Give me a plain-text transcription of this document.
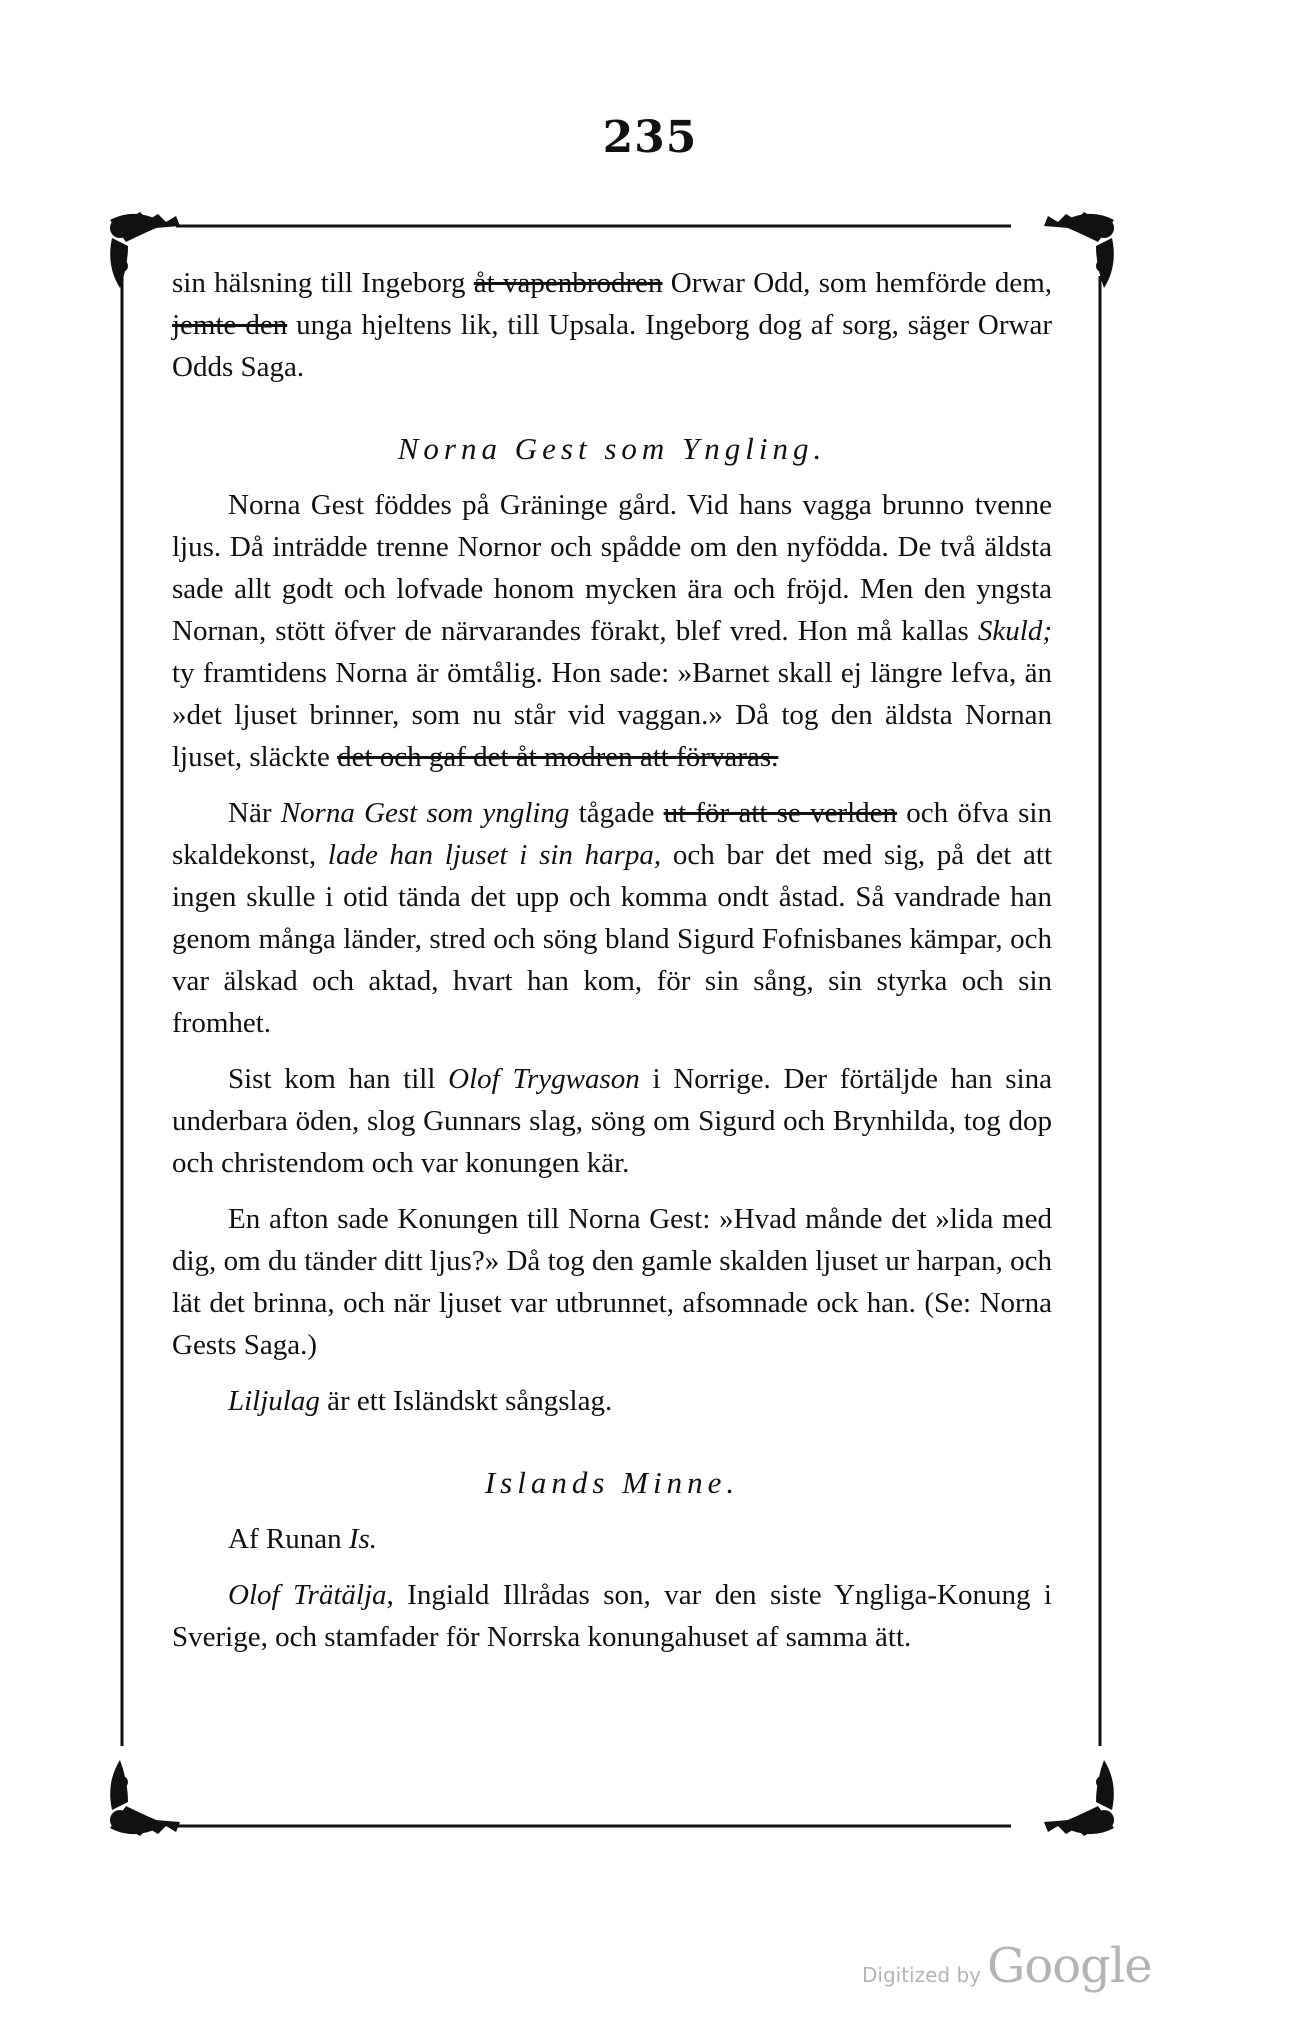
235

sin hälsning till Ingeborg åt vapenbrodren Orwar Odd, som hemförde dem, jemte den unga hjeltens lik, till Upsala. Ingeborg dog af sorg, säger Orwar Odds Saga.

Norna Gest som Yngling.

Norna Gest föddes på Gräninge gård. Vid hans vagga brunno tvenne ljus. Då inträdde trenne Nornor och spådde om den nyfödda. De två äldsta sade allt godt och lofvade honom mycken ära och fröjd. Men den yngsta Nornan, stött öfver de närvarandes förakt, blef vred. Hon må kallas Skuld; ty framtidens Norna är ömtålig. Hon sade: »Barnet skall ej längre lefva, än »det ljuset brinner, som nu står vid vaggan.» Då tog den äldsta Nornan ljuset, släckte det och gaf det åt modren att förvaras.

När Norna Gest som yngling tågade ut för att se verlden och öfva sin skaldekonst, lade han ljuset i sin harpa, och bar det med sig, på det att ingen skulle i otid tända det upp och komma ondt åstad. Så vandrade han genom många länder, stred och söng bland Sigurd Fofnisbanes kämpar, och var älskad och aktad, hvart han kom, för sin sång, sin styrka och sin fromhet.

Sist kom han till Olof Trygwason i Norrige. Der förtäljde han sina underbara öden, slog Gunnars slag, söng om Sigurd och Brynhilda, tog dop och christendom och var konungen kär.

En afton sade Konungen till Norna Gest: »Hvad månde det »lida med dig, om du tänder ditt ljus?» Då tog den gamle skalden ljuset ur harpan, och lät det brinna, och när ljuset var utbrunnet, afsomnade ock han. (Se: Norna Gests Saga.)

Liljulag är ett Isländskt sångslag.

Islands Minne.

Af Runan Is.

Olof Trätälja, Ingiald Illrådas son, var den siste Yngliga-Konung i Sverige, och stamfader för Norrska konungahuset af samma ätt.

Digitized by Google
